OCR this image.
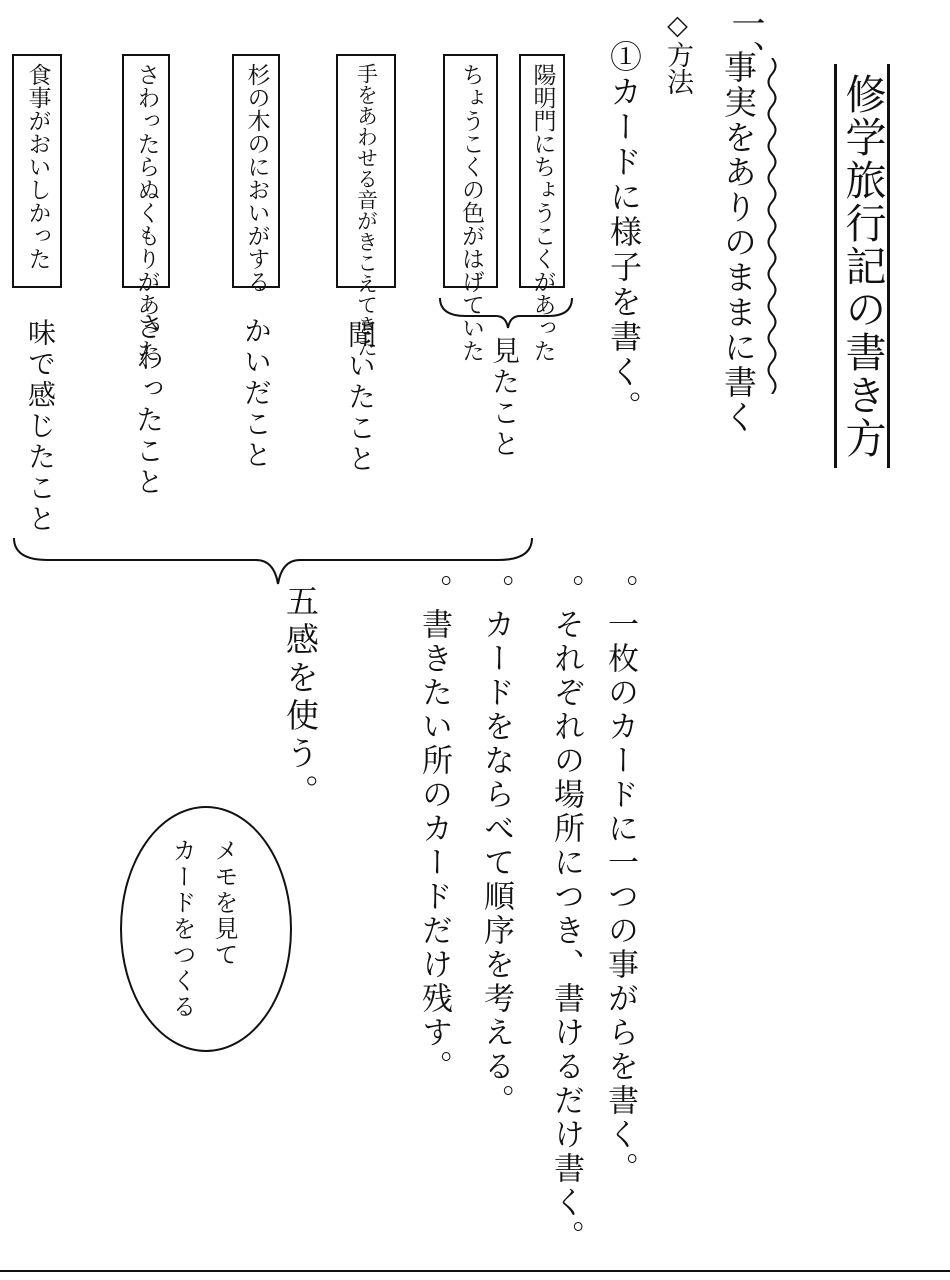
修学旅行記の書き方
一、
事実をありのままに書く
◇方法
①カードに様子を書く。
陽明門にちょうこくがあった
ちょうこくの色がはげていた
手をあわせる音がきこえてきた
杉の木のにおいがする
さわったらぬくもりがあった
食事がおいしかった
見たこと
聞いたこと
かいだこと
さわったこと
味で感じたこと
五感を使う。	。一枚のカードに一つの事がらを書く。
。それぞれの場所につき、書けるだけ書く。
。カードをならべて順序を考える。
。書きたい所のカードだけ残す。
メモを見て
カードをつくる
